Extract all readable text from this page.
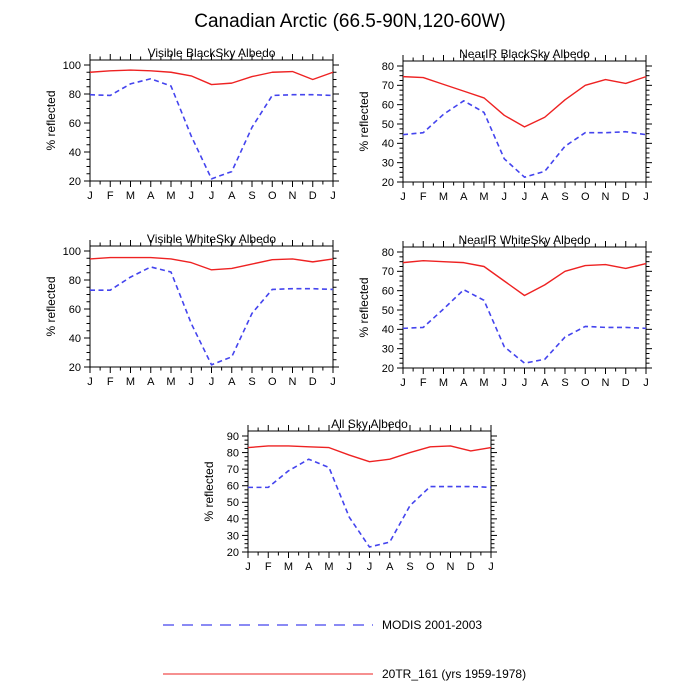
Canadian Arctic (66.5-90N,120-60W)
Visible BlackSky Albedo
20
40
60
80
100
J F M A M J J A S O N D J
% reflected
NearIR BlackSky Albedo
20
30
40
50
60
70
80
J F M A M J J A S O N D J
% reflected
Visible WhiteSky Albedo
20
40
60
80
100
J F M A M J J A S O N D J
% reflected
NearIR WhiteSky Albedo
20
30
40
50
60
70
80
J F M A M J J A S O N D J
% reflected
All Sky Albedo
20
30
40
50
60
70
80
90
J F M A M J J A S O N D J
% reflected
MODIS 2001-2003
20TR_161 (yrs 1959-1978)
